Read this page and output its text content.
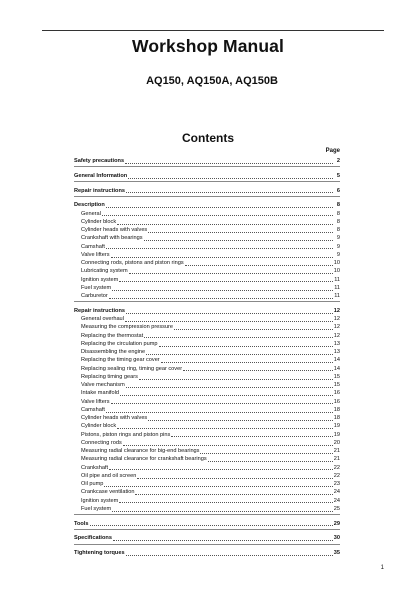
Workshop Manual
AQ150, AQ150A, AQ150B
Contents
Page
Safety precautions	2
General Information	5
Repair instructions	6
Description	8
General	8
Cylinder block	8
Cylinder heads with valves	8
Crankshaft with bearings	9
Camshaft	9
Valve lifters	9
Connecting rods, pistons and piston rings	10
Lubricating system	10
Ignition system	11
Fuel system	11
Carburetor	11
Repair instructions	12
General overhaul	12
Measuring the compression pressure	12
Replacing the thermostat	12
Replacing the circulation pump	13
Disassembling the engine	13
Replacing the timing gear cover	14
Replacing sealing ring, timing gear cover	14
Replacing timing gears	15
Valve mechanism	15
Intake manifold	16
Valve lifters	16
Camshaft	18
Cylinder heads with valves	18
Cylinder block	19
Pistons, piston rings and piston pins	19
Connecting rods	20
Measuring radial clearance for big-end bearings	21
Measuring radial clearance for crankshaft bearings	21
Crankshaft	22
Oil pipe and oil screen	22
Oil pump	23
Crankcase ventilation	24
Ignition system	24
Fuel system	25
Tools	29
Specifications	30
Tightening torques	35
1
